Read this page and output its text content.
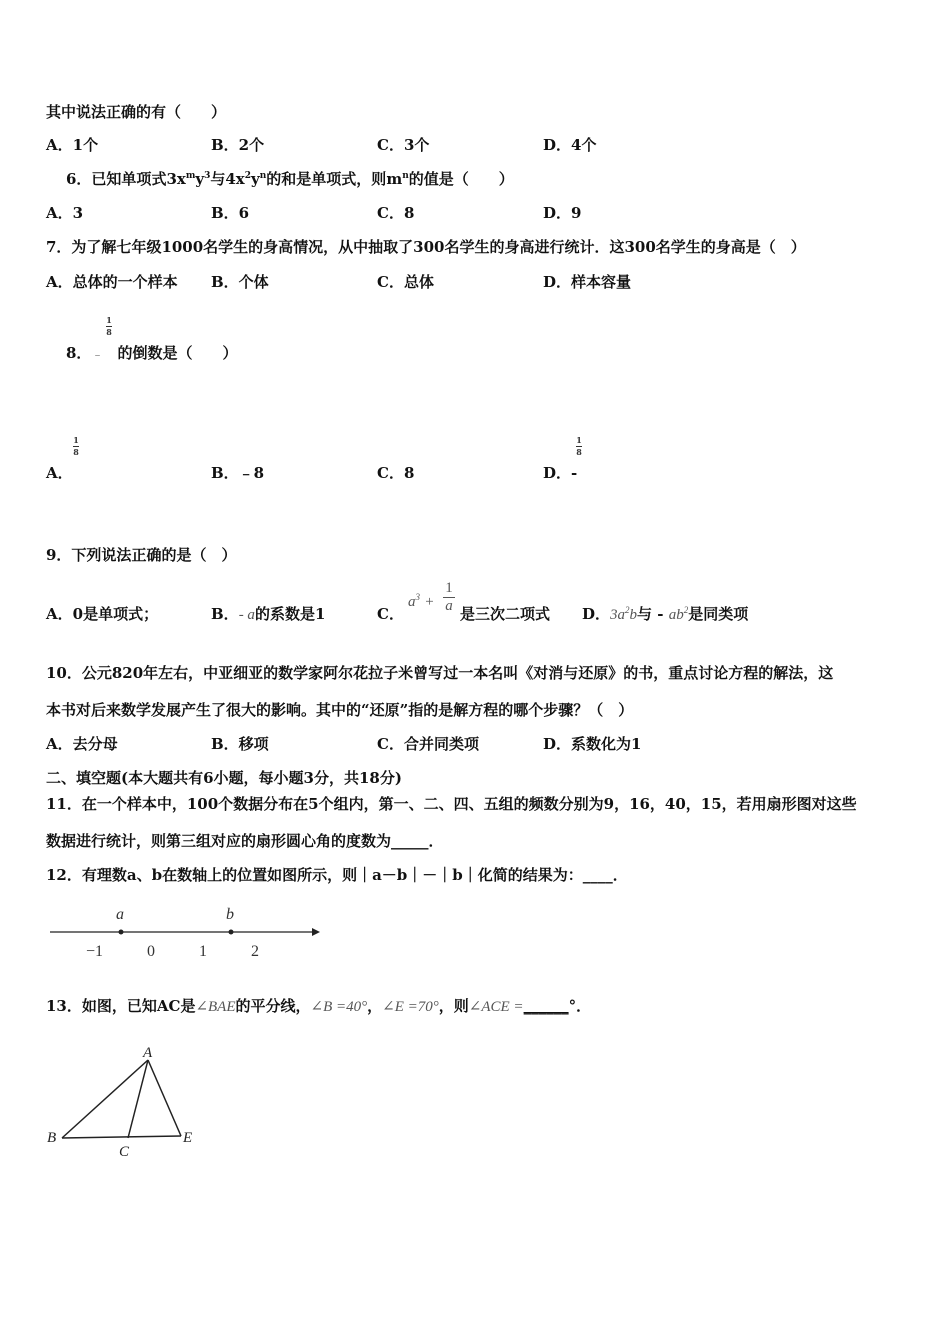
其中说法正确的有（　　）
A．1个	B．2个	C．3个	D．4个
6．已知单项式$3x^my^3$与$4x^2y^n$的和是单项式，则$m^n$的值是（　　）
A．3	B．6	C．8	D．9
7．为了解七年级1000名学生的身高情况，从中抽取了300名学生的身高进行统计．这300名学生的身高是（　）
A．总体的一个样本 B．个体	C．总体	D．样本容量
1
8
8．﹣ 的倒数是（　　）
1
8
A．	B．﹣8	C．8
1
8
D．-
9．下列说法正确的是（　）
A．0是单项式；	B．- a的系数是1	C．
$a^3$ +
1
a 是三次二项式 D．$3a^2b$与 - $ab^2$是同类项
10．公元820年左右，中亚细亚的数学家阿尔花拉子米曾写过一本名叫《对消与还原》的书，重点讨论方程的解法，这
本书对后来数学发展产生了很大的影响。其中的“还原”指的是解方程的哪个步骤？（　）
A．去分母	B．移项	C．合并同类项	D．系数化为1
二、填空题(本大题共有6小题，每小题3分，共18分)
11．在一个样本中，100个数据分布在5个组内，第一、二、四、五组的频数分别为9，16，40，15，若用扇形图对这些
数据进行统计，则第三组对应的扇形圆心角的度数为_____．
12．有理数a、b在数轴上的位置如图所示，则｜a－b｜－｜b｜化简的结果为：____．
a	b
−1	0	1	2
13．如图，已知AC是∠BAE的平分线，∠B =40°，∠E =70°，则∠ACE =______°．
A
B
C
E
